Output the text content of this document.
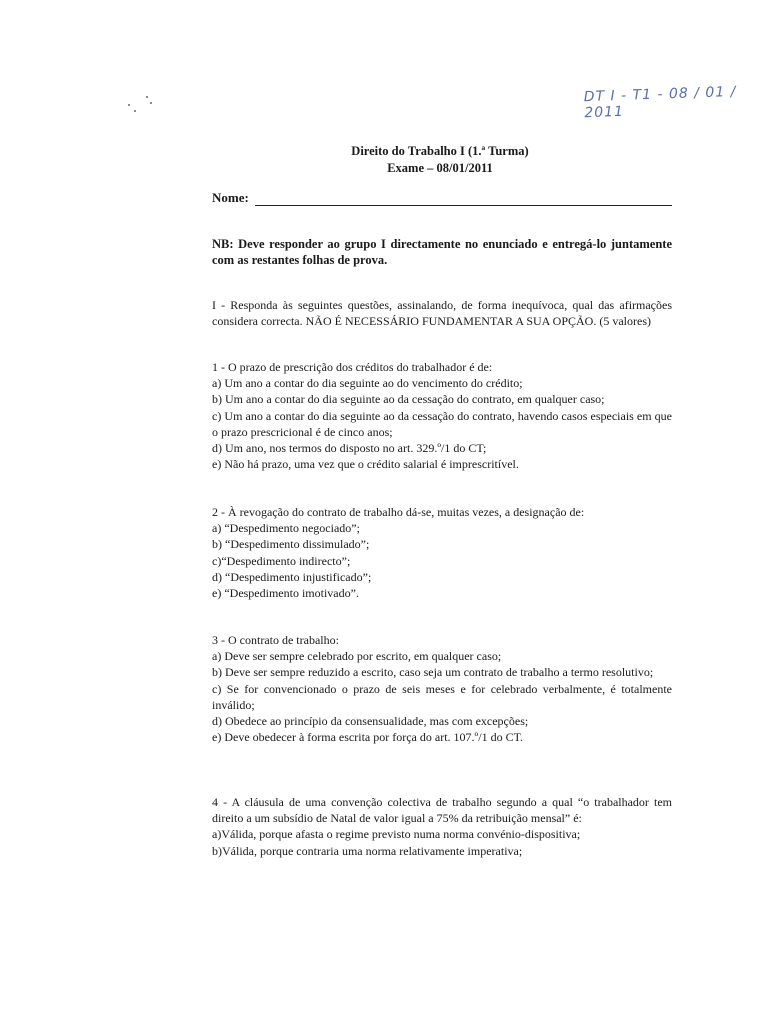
DT I - T1 - 08 / 01 / 2011
Direito do Trabalho I (1.ª Turma)
Exame – 08/01/2011
Nome:
NB: Deve responder ao grupo I directamente no enunciado e entregá-lo juntamente com as restantes folhas de prova.
I - Responda às seguintes questões, assinalando, de forma inequívoca, qual das afirmações considera correcta. NÃO É NECESSÁRIO FUNDAMENTAR A SUA OPÇÃO. (5 valores)

1 - O prazo de prescrição dos créditos do trabalhador é de:

a) Um ano a contar do dia seguinte ao do vencimento do crédito;

b) Um ano a contar do dia seguinte ao da cessação do contrato, em qualquer caso;

c) Um ano a contar do dia seguinte ao da cessação do contrato, havendo casos especiais em que o prazo prescricional é de cinco anos;

d) Um ano, nos termos do disposto no art. 329.º/1 do CT;

e) Não há prazo, uma vez que o crédito salarial é imprescritível.

2 - À revogação do contrato de trabalho dá-se, muitas vezes, a designação de:

a) “Despedimento negociado”;

b) “Despedimento dissimulado”;

c)“Despedimento indirecto”;

d) “Despedimento injustificado”;

e) “Despedimento imotivado”.

3 - O contrato de trabalho:

a) Deve ser sempre celebrado por escrito, em qualquer caso;

b) Deve ser sempre reduzido a escrito, caso seja um contrato de trabalho a termo resolutivo;

c) Se for convencionado o prazo de seis meses e for celebrado verbalmente, é totalmente inválido;

d) Obedece ao princípio da consensualidade, mas com excepções;

e) Deve obedecer à forma escrita por força do art. 107.º/1 do CT.

4 - A cláusula de uma convenção colectiva de trabalho segundo a qual “o trabalhador tem direito a um subsídio de Natal de valor igual a 75% da retribuição mensal” é:

a)Válida, porque afasta o regime previsto numa norma convénio-dispositiva;

b)Válida, porque contraria uma norma relativamente imperativa;
